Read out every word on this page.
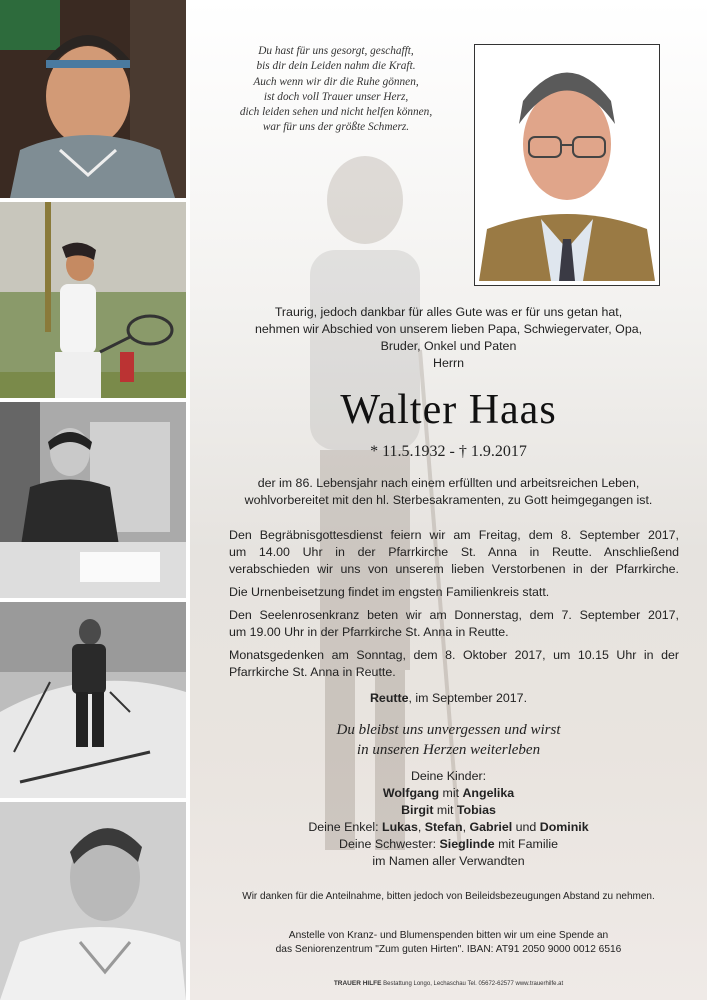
Du hast für uns gesorgt, geschafft,
bis dir dein Leiden nahm die Kraft.
Auch wenn wir dir die Ruhe gönnen,
ist doch voll Trauer unser Herz,
dich leiden sehen und nicht helfen können,
war für uns der größte Schmerz.
Traurig, jedoch dankbar für alles Gute was er für uns getan hat,
nehmen wir Abschied von unserem lieben Papa, Schwiegervater, Opa,
Bruder, Onkel und Paten
Herrn
Walter Haas
* 11.5.1932 - † 1.9.2017
der im 86. Lebensjahr nach einem erfüllten und arbeitsreichen Leben,
wohlvorbereitet mit den hl. Sterbesakramenten, zu Gott heimgegangen ist.
Den Begräbnisgottesdienst feiern wir am Freitag, dem 8. September 2017,
um 14.00 Uhr in der Pfarrkirche St. Anna in Reutte. Anschließend
verabschieden wir uns von unserem lieben Verstorbenen in der Pfarrkirche.
Die Urnenbeisetzung findet im engsten Familienkreis statt.
Den Seelenrosenkranz beten wir am Donnerstag, dem 7. September 2017,
um 19.00 Uhr in der Pfarrkirche St. Anna in Reutte.
Monatsgedenken am Sonntag, dem 8. Oktober 2017, um 10.15 Uhr in der
Pfarrkirche St. Anna in Reutte.
Reutte, im September 2017.
Du bleibst uns unvergessen und wirst
in unseren Herzen weiterleben
Deine Kinder:
Wolfgang mit Angelika
Birgit mit Tobias
Deine Enkel: Lukas, Stefan, Gabriel und Dominik
Deine Schwester: Sieglinde mit Familie
im Namen aller Verwandten
Wir danken für die Anteilnahme, bitten jedoch von Beileidsbezeugungen Abstand zu nehmen.
Anstelle von Kranz- und Blumenspenden bitten wir um eine Spende an
das Seniorenzentrum "Zum guten Hirten". IBAN: AT91 2050 9000 0012 6516
TRAUER HILFE Bestattung Longo, Lechaschau Tel. 05672-62577 www.trauerhilfe.at
